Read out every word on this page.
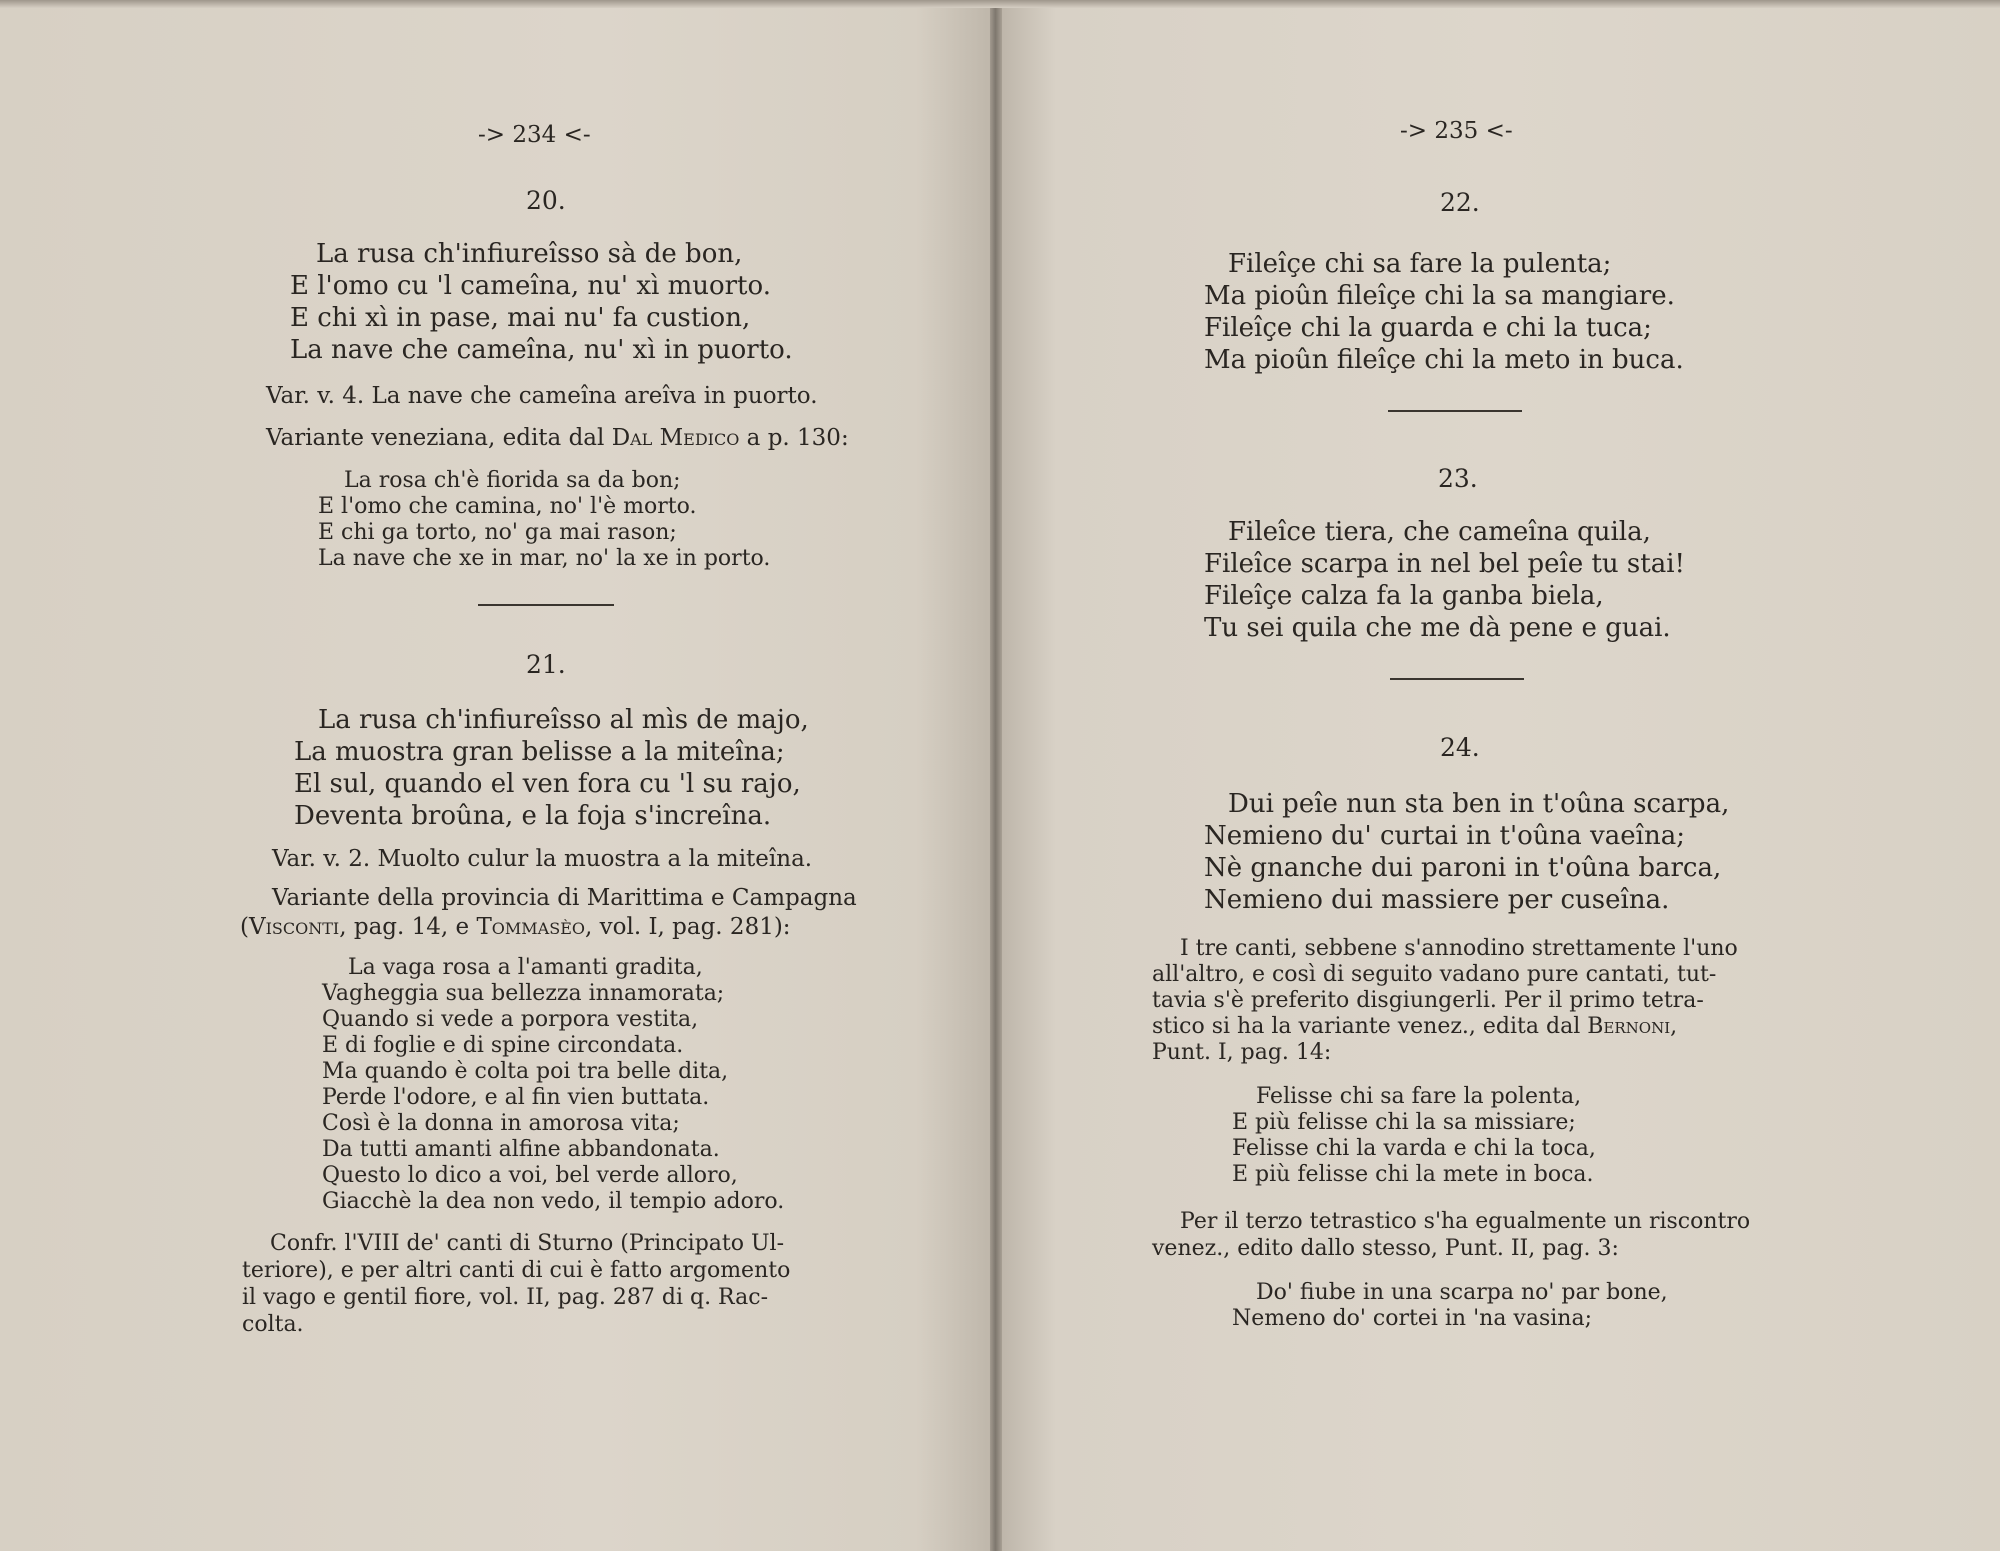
-> 234 <-
20.
La rusa ch'infiureîsso sà de bon,
E l'omo cu 'l cameîna, nu' xì muorto.
E chi xì in pase, mai nu' fa custion,
La nave che cameîna, nu' xì in puorto.
Var. v. 4. La nave che cameîna areîva in puorto.
Variante veneziana, edita dal Dal Medico a p. 130:
La rosa ch'è fiorida sa da bon;
E l'omo che camina, no' l'è morto.
E chi ga torto, no' ga mai rason;
La nave che xe in mar, no' la xe in porto.
21.
La rusa ch'infiureîsso al mìs de majo,
La muostra gran belisse a la miteîna;
El sul, quando el ven fora cu 'l su rajo,
Deventa broûna, e la foja s'increîna.
Var. v. 2. Muolto culur la muostra a la miteîna.
Variante della provincia di Marittima e Campagna
(Visconti, pag. 14, e Tommasèo, vol. I, pag. 281):
La vaga rosa a l'amanti gradita,
Vagheggia sua bellezza innamorata;
Quando si vede a porpora vestita,
E di foglie e di spine circondata.
Ma quando è colta poi tra belle dita,
Perde l'odore, e al fin vien buttata.
Così è la donna in amorosa vita;
Da tutti amanti alfine abbandonata.
Questo lo dico a voi, bel verde alloro,
Giacchè la dea non vedo, il tempio adoro.
Confr. l'VIII de' canti di Sturno (Principato Ul-
teriore), e per altri canti di cui è fatto argomento
il vago e gentil fiore, vol. II, pag. 287 di q. Rac-
colta.
-> 235 <-
22.
Fileîçe chi sa fare la pulenta;
Ma pioûn fileîçe chi la sa mangiare.
Fileîçe chi la guarda e chi la tuca;
Ma pioûn fileîçe chi la meto in buca.
23.
Fileîce tiera, che cameîna quila,
Fileîce scarpa in nel bel peîe tu stai!
Fileîçe calza fa la ganba biela,
Tu sei quila che me dà pene e guai.
24.
Dui peîe nun sta ben in t'oûna scarpa,
Nemieno du' curtai in t'oûna vaeîna;
Nè gnanche dui paroni in t'oûna barca,
Nemieno dui massiere per cuseîna.
I tre canti, sebbene s'annodino strettamente l'uno
all'altro, e così di seguito vadano pure cantati, tut-
tavia s'è preferito disgiungerli. Per il primo tetra-
stico si ha la variante venez., edita dal Bernoni,
Punt. I, pag. 14:
Felisse chi sa fare la polenta,
E più felisse chi la sa missiare;
Felisse chi la varda e chi la toca,
E più felisse chi la mete in boca.
Per il terzo tetrastico s'ha egualmente un riscontro
venez., edito dallo stesso, Punt. II, pag. 3:
Do' fiube in una scarpa no' par bone,
Nemeno do' cortei in 'na vasina;
